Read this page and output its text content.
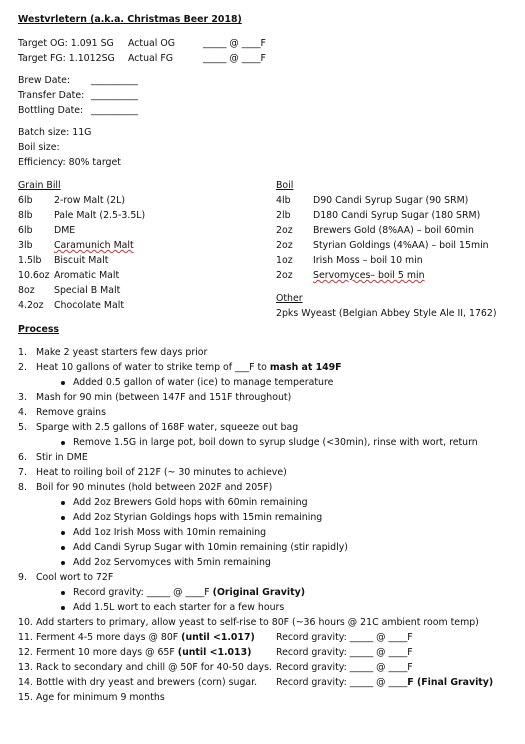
Westvrletern (a.k.a. Christmas Beer 2018)
Target OG: 1.091 SG Actual OG	_____ @ ____F
Target FG: 1.1012SG Actual FG	_____ @ ____F
Brew Date: __________
Transfer Date: __________
Bottling Date: __________
Batch size: 11G
Boil size:
Efficiency: 80% target
Grain Bill
6lb 2-row Malt (2L)
8lb Pale Malt (2.5-3.5L)
6lb DME
3lb Caramunich Malt
1.5lb Biscuit Malt
10.6oz Aromatic Malt
8oz Special B Malt
4.2oz Chocolate Malt
Boil
4lb D90 Candi Syrup Sugar (90 SRM)
2lb D180 Candi Syrup Sugar (180 SRM)
2oz Brewers Gold (8%AA) – boil 60min
2oz Styrian Goldings (4%AA) – boil 15min
1oz Irish Moss – boil 10 min
2oz Servomyces– boil 5 min
Other
2pks Wyeast (Belgian Abbey Style Ale II, 1762)
Process
1. Make 2 yeast starters few days prior
2. Heat 10 gallons of water to strike temp of ___F to mash at 149F
Added 0.5 gallon of water (ice) to manage temperature
3. Mash for 90 min (between 147F and 151F throughout)
4. Remove grains
5. Sparge with 2.5 gallons of 168F water, squeeze out bag
Remove 1.5G in large pot, boil down to syrup sludge (<30min), rinse with wort, return
6. Stir in DME
7. Heat to roiling boil of 212F (~ 30 minutes to achieve)
8. Boil for 90 minutes (hold between 202F and 205F)
Add 2oz Brewers Gold hops with 60min remaining
Add 2oz Styrian Goldings hops with 15min remaining
Add 1oz Irish Moss with 10min remaining
Add Candi Syrup Sugar with 10min remaining (stir rapidly)
Add 2oz Servomyces with 5min remaining
9. Cool wort to 72F
Record gravity: _____ @ ____F (Original Gravity)
Add 1.5L wort to each starter for a few hours
10. Add starters to primary, allow yeast to self-rise to 80F (~36 hours @ 21C ambient room temp)
11. Ferment 4-5 more days @ 80F (until <1.017) Record gravity: _____ @ ____F
12. Ferment 10 more days @ 65F (until <1.013)	Record gravity: _____ @ ____F
13. Rack to secondary and chill @ 50F for 40-50 days. Record gravity: _____ @ ____F
14. Bottle with dry yeast and brewers (corn) sugar. Record gravity: _____ @ ____F (Final Gravity)
15. Age for minimum 9 months
